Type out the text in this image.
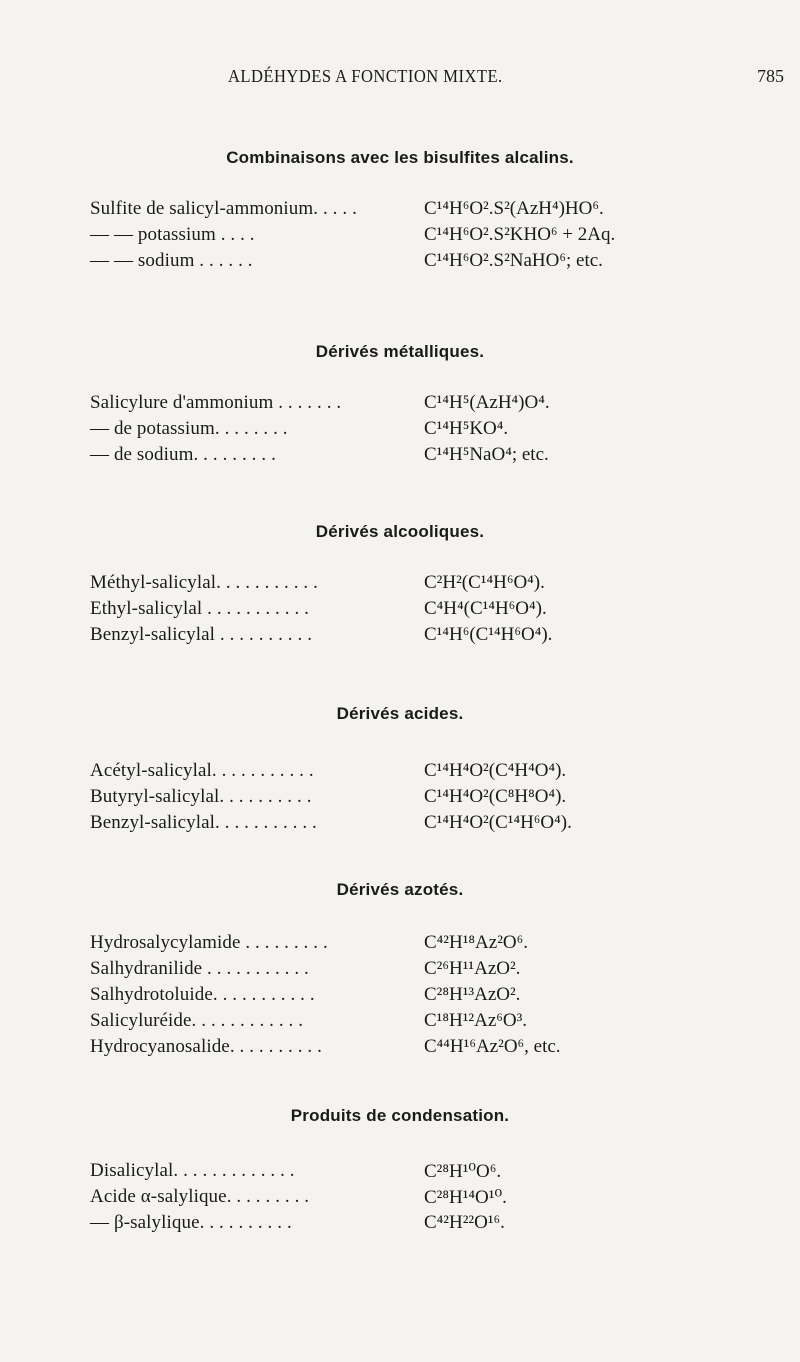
ALDÉHYDES A FONCTION MIXTE.	785
Combinaisons avec les bisulfites alcalins.
Sulfite de salicyl-ammonium. . . . .	C¹⁴H⁶O².S²(AzH⁴)HO⁶.
— — potassium . . . .	C¹⁴H⁶O².S²KHO⁶ + 2Aq.
— — sodium . . . . . .	C¹⁴H⁶O².S²NaHO⁶; etc.
Dérivés métalliques.
Salicylure d'ammonium . . . . . . .	C¹⁴H⁵(AzH⁴)O⁴.
— de potassium. . . . . . . .	C¹⁴H⁵KO⁴.
— de sodium. . . . . . . . .	C¹⁴H⁵NaO⁴; etc.
Dérivés alcooliques.
Méthyl-salicylal. . . . . . . . . . .	C²H²(C¹⁴H⁶O⁴).
Ethyl-salicylal . . . . . . . . . . .	C⁴H⁴(C¹⁴H⁶O⁴).
Benzyl-salicylal . . . . . . . . . .	C¹⁴H⁶(C¹⁴H⁶O⁴).
Dérivés acides.
Acétyl-salicylal. . . . . . . . . . .	C¹⁴H⁴O²(C⁴H⁴O⁴).
Butyryl-salicylal. . . . . . . . . .	C¹⁴H⁴O²(C⁸H⁸O⁴).
Benzyl-salicylal. . . . . . . . . . .	C¹⁴H⁴O²(C¹⁴H⁶O⁴).
Dérivés azotés.
Hydrosalycylamide . . . . . . . . .	C⁴²H¹⁸Az²O⁶.
Salhydranilide . . . . . . . . . . .	C²⁶H¹¹AzO².
Salhydrotoluide. . . . . . . . . . .	C²⁸H¹³AzO².
Salicyluréide. . . . . . . . . . . .	C¹⁸H¹²Az⁶O³.
Hydrocyanosalide. . . . . . . . . .	C⁴⁴H¹⁶Az²O⁶, etc.
Produits de condensation.
Disalicylal. . . . . . . . . . . . .	C²⁸H¹⁰O⁶.
Acide α-salylique. . . . . . . . .	C²⁸H¹⁴O¹⁰.
— β-salylique. . . . . . . . . .	C⁴²H²²O¹⁶.
